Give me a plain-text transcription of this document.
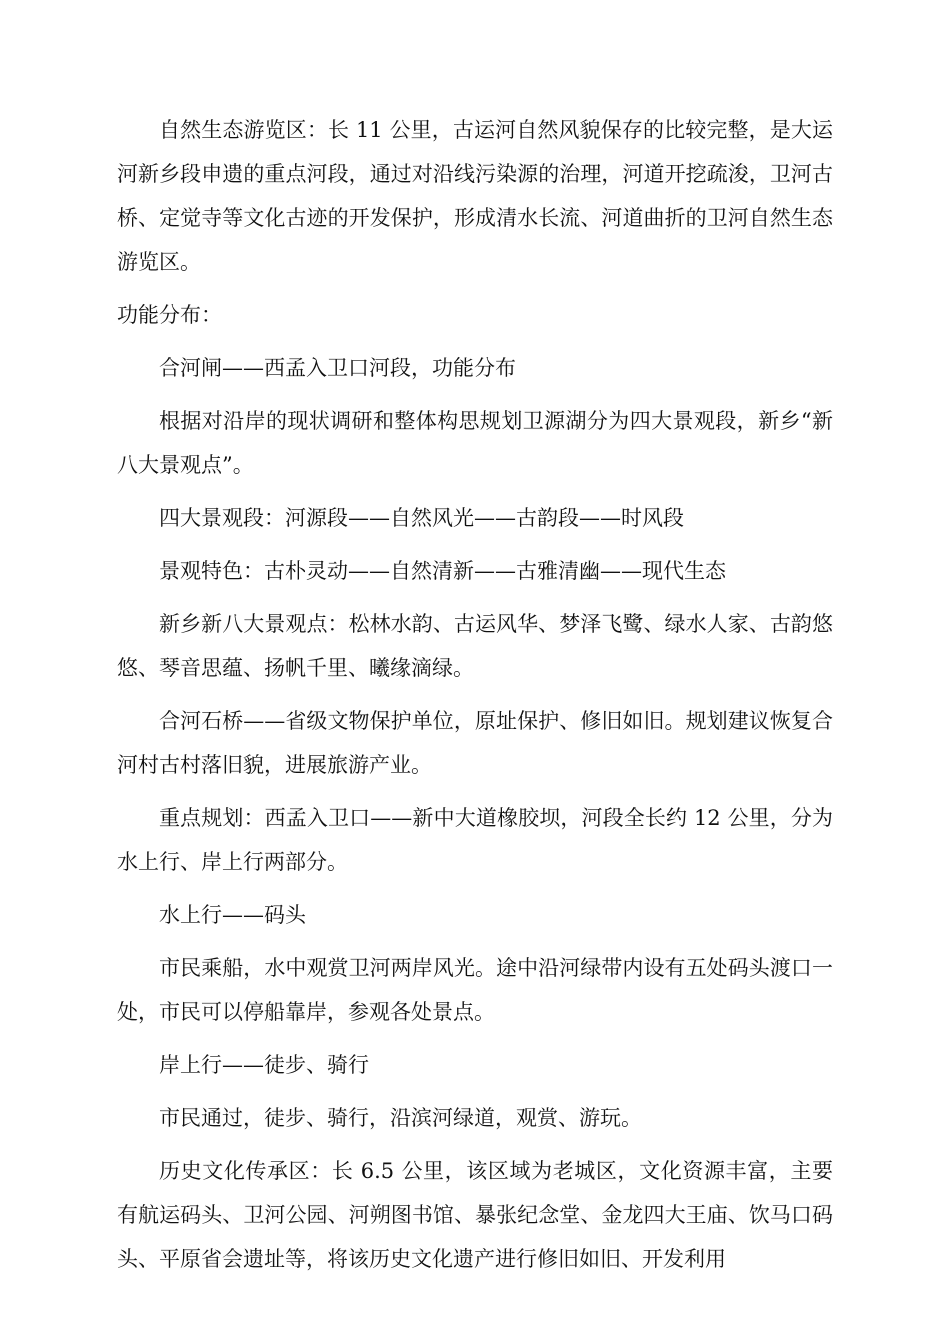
自然生态游览区：长 11 公里，古运河自然风貌保存的比较完整，是大运河新乡段申遗的重点河段，通过对沿线污染源的治理，河道开挖疏浚，卫河古桥、定觉寺等文化古迹的开发保护，形成清水长流、河道曲折的卫河自然生态游览区。

功能分布：

合河闸——西孟入卫口河段，功能分布

根据对沿岸的现状调研和整体构思规划卫源湖分为四大景观段，新乡“新八大景观点”。

四大景观段：河源段——自然风光——古韵段——时风段

景观特色：古朴灵动——自然清新——古雅清幽——现代生态

新乡新八大景观点：松林水韵、古运风华、梦泽飞鹭、绿水人家、古韵悠悠、琴音思蕴、扬帆千里、曦缘滴绿。

合河石桥——省级文物保护单位，原址保护、修旧如旧。规划建议恢复合河村古村落旧貌，进展旅游产业。

重点规划：西孟入卫口——新中大道橡胶坝，河段全长约 12 公里，分为水上行、岸上行两部分。

水上行——码头

市民乘船，水中观赏卫河两岸风光。途中沿河绿带内设有五处码头渡口一处，市民可以停船靠岸，参观各处景点。

岸上行——徒步、骑行

市民通过，徒步、骑行，沿滨河绿道，观赏、游玩。

历史文化传承区：长 6.5 公里，该区域为老城区，文化资源丰富，主要有航运码头、卫河公园、河朔图书馆、暴张纪念堂、金龙四大王庙、饮马口码头、平原省会遗址等，将该历史文化遗产进行修旧如旧、开发利用
